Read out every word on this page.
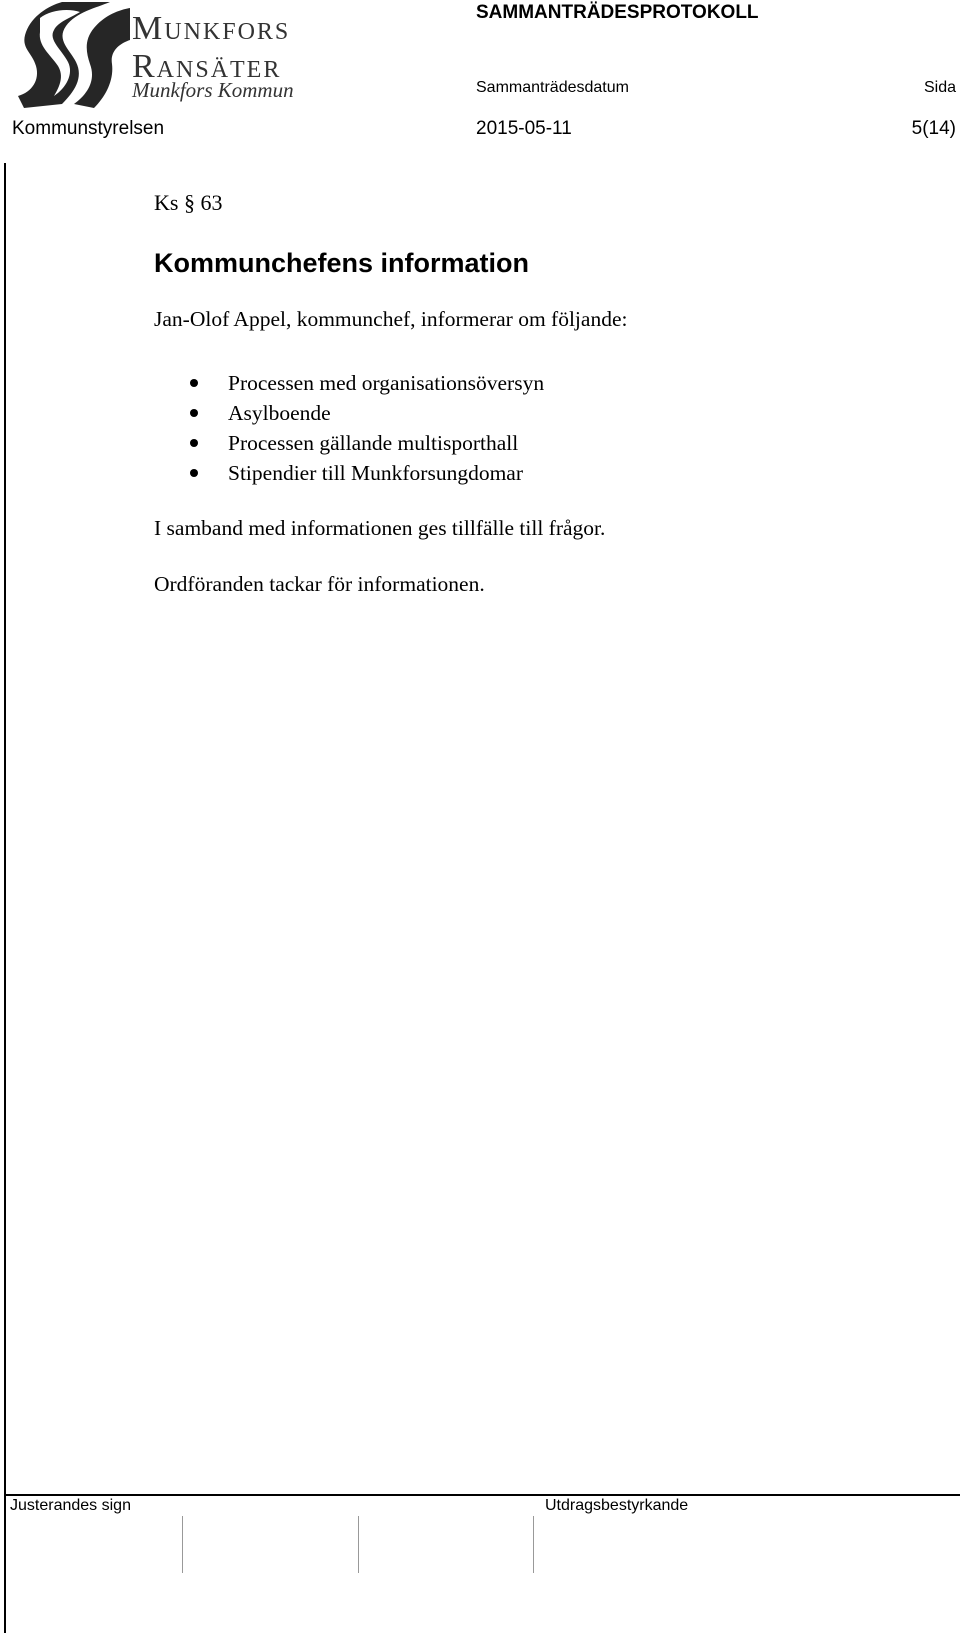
Munkfors
Ransäter
Munkfors Kommun
SAMMANTRÄDESPROTOKOLL
Sammanträdesdatum	Sida
Kommunstyrelsen	2015-05-11	5(14)
Ks § 63
Kommunchefens information
Jan-Olof Appel, kommunchef, informerar om följande:
Processen med organisationsöversyn
Asylboende
Processen gällande multisporthall
Stipendier till Munkforsungdomar
I samband med informationen ges tillfälle till frågor.
Ordföranden tackar för informationen.
Justerandes sign	Utdragsbestyrkande
